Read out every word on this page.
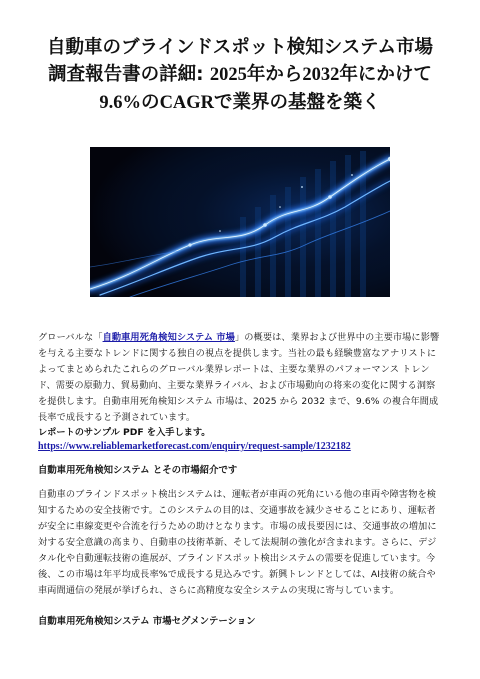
自動車のブラインドスポット検知システム市場
調査報告書の詳細: 2025年から2032年にかけて
9.6%のCAGRで業界の基盤を築く
グローバルな「自動車用死角検知システム 市場」の概要は、業界および世界中の主要市場に影響を与える主要なトレンドに関する独自の視点を提供します。当社の最も経験豊富なアナリストによってまとめられたこれらのグローバル業界レポートは、主要な業界のパフォーマンス トレンド、需要の原動力、貿易動向、主要な業界ライバル、および市場動向の将来の変化に関する洞察を提供します。自動車用死角検知システム 市場は、2025 から 2032 まで、9.6% の複合年間成長率で成長すると予測されています。
レポートのサンプル PDF を入手します。
https://www.reliablemarketforecast.com/enquiry/request-sample/1232182
自動車用死角検知システム とその市場紹介です
自動車のブラインドスポット検出システムは、運転者が車両の死角にいる他の車両や障害物を検知するための安全技術です。このシステムの目的は、交通事故を減少させることにあり、運転者が安全に車線変更や合流を行うための助けとなります。市場の成長要因には、交通事故の増加に対する安全意識の高まり、自動車の技術革新、そして法規制の強化が含まれます。さらに、デジタル化や自動運転技術の進展が、ブラインドスポット検出システムの需要を促進しています。今後、この市場は年平均成長率%で成長する見込みです。新興トレンドとしては、AI技術の統合や車両間通信の発展が挙げられ、さらに高精度な安全システムの実現に寄与しています。
自動車用死角検知システム 市場セグメンテーション
